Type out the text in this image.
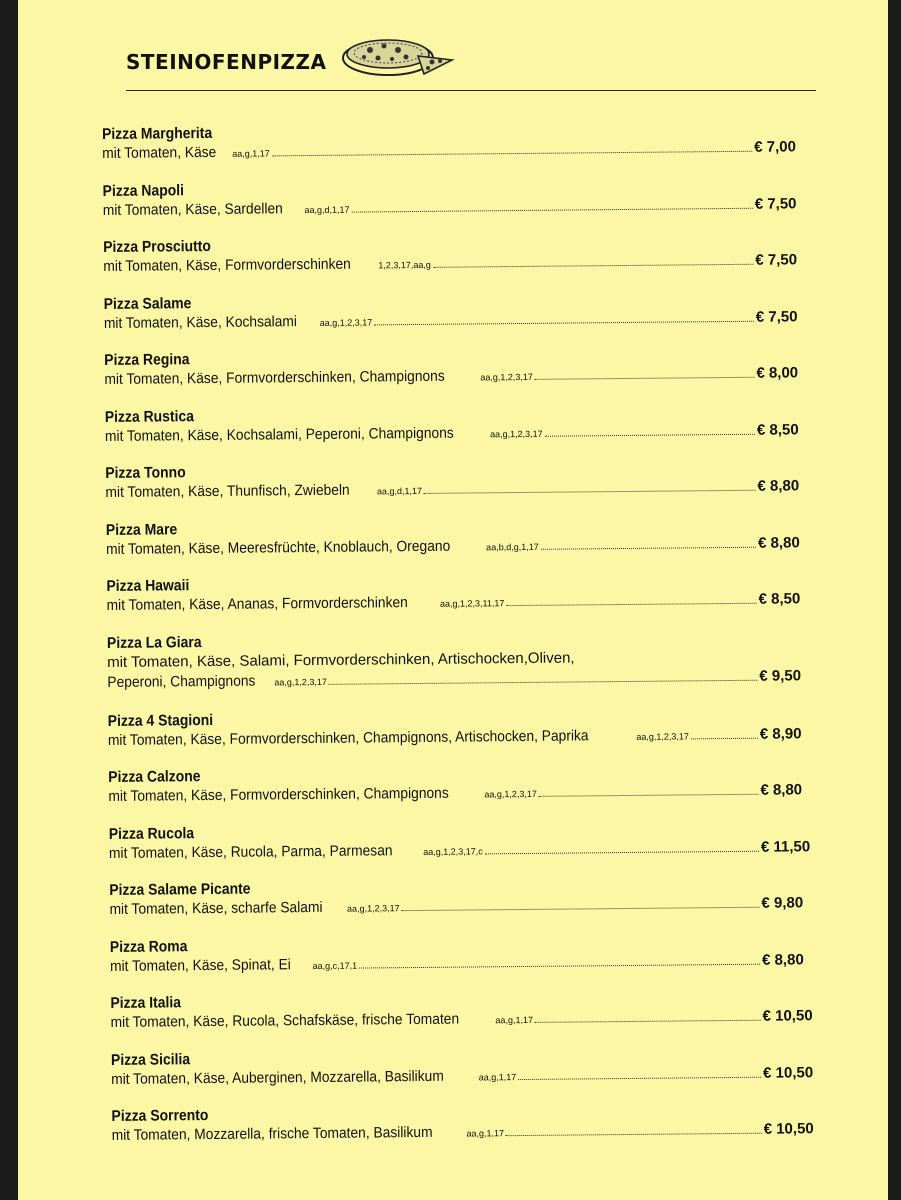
STEINOFENPIZZA
Pizza Margherita
mit Tomaten, Käse aa,g,1,17	€ 7,00
Pizza Napoli
mit Tomaten, Käse, Sardellen aa,g,d,1,17	€ 7,50
Pizza Prosciutto
mit Tomaten, Käse, Formvorderschinken	1,2,3,17,aa,g	€ 7,50
Pizza Salame
mit Tomaten, Käse, Kochsalami	aa,g,1,2,3,17	€ 7,50
Pizza Regina
mit Tomaten, Käse, Formvorderschinken, Champignons	aa,g,1,2,3,17	€ 8,00
Pizza Rustica
mit Tomaten, Käse, Kochsalami, Peperoni, Champignons	aa,g,1,2,3,17	€ 8,50
Pizza Tonno
mit Tomaten, Käse, Thunfisch, Zwiebeln	aa,g,d,1,17	€ 8,80
Pizza Mare
mit Tomaten, Käse, Meeresfrüchte, Knoblauch, Oregano	aa,b,d,g,1,17	€ 8,80
Pizza Hawaii
mit Tomaten, Käse, Ananas, Formvorderschinken	aa,g,1,2,3,11,17	€ 8,50
Pizza La Giara
mit Tomaten, Käse, Salami, Formvorderschinken, Artischocken,Oliven,
Peperoni, Champignons aa,g,1,2,3,17	€ 9,50
Pizza 4 Stagioni
mit Tomaten, Käse, Formvorderschinken, Champignons, Artischocken, Paprika	aa,g,1,2,3,17	€ 8,90
Pizza Calzone
mit Tomaten, Käse, Formvorderschinken, Champignons	aa,g,1,2,3,17	€ 8,80
Pizza Rucola
mit Tomaten, Käse, Rucola, Parma, Parmesan	aa,g,1,2,3,17,c	€ 11,50
Pizza Salame Picante
mit Tomaten, Käse, scharfe Salami	aa,g,1,2,3,17	€ 9,80
Pizza Roma
mit Tomaten, Käse, Spinat, Ei aa,g,c,17,1	€ 8,80
Pizza Italia
mit Tomaten, Käse, Rucola, Schafskäse, frische Tomaten	aa,g,1,17	€ 10,50
Pizza Sicilia
mit Tomaten, Käse, Auberginen, Mozzarella, Basilikum	aa,g,1,17	€ 10,50
Pizza Sorrento
mit Tomaten, Mozzarella, frische Tomaten, Basilikum	aa,g,1,17	€ 10,50
